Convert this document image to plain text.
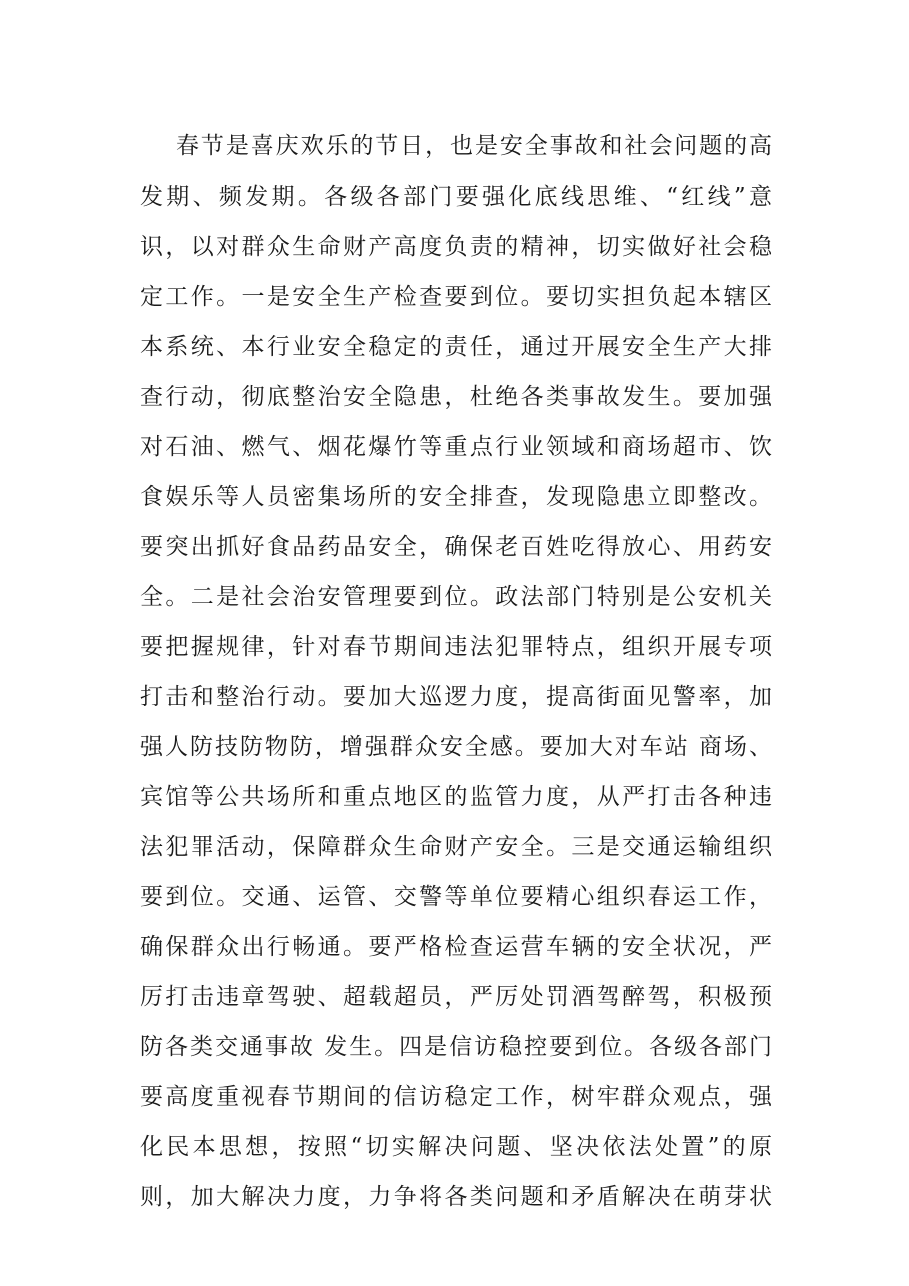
春节是喜庆欢乐的节日，也是安全事故和社会问题的高
发期、频发期。各级各部门要强化底线思维、“红线”意
识，以对群众生命财产高度负责的精神，切实做好社会稳
定工作。一是安全生产检查要到位。要切实担负起本辖区
本系统、本行业安全稳定的责任，通过开展安全生产大排
查行动，彻底整治安全隐患，杜绝各类事故发生。要加强
对石油、燃气、烟花爆竹等重点行业领域和商场超市、饮
食娱乐等人员密集场所的安全排查，发现隐患立即整改。
要突出抓好食品药品安全，确保老百姓吃得放心、用药安
全。二是社会治安管理要到位。政法部门特别是公安机关
要把握规律，针对春节期间违法犯罪特点，组织开展专项
打击和整治行动。要加大巡逻力度，提高街面见警率，加
强人防技防物防，增强群众安全感。要加大对车站 商场、
宾馆等公共场所和重点地区的监管力度，从严打击各种违
法犯罪活动，保障群众生命财产安全。三是交通运输组织
要到位。交通、运管、交警等单位要精心组织春运工作，
确保群众出行畅通。要严格检查运营车辆的安全状况，严
厉打击违章驾驶、超载超员，严厉处罚酒驾醉驾，积极预
防各类交通事故 发生。四是信访稳控要到位。各级各部门
要高度重视春节期间的信访稳定工作，树牢群众观点，强
化民本思想，按照“切实解决问题、坚决依法处置”的原
则，加大解决力度，力争将各类问题和矛盾解决在萌芽状
